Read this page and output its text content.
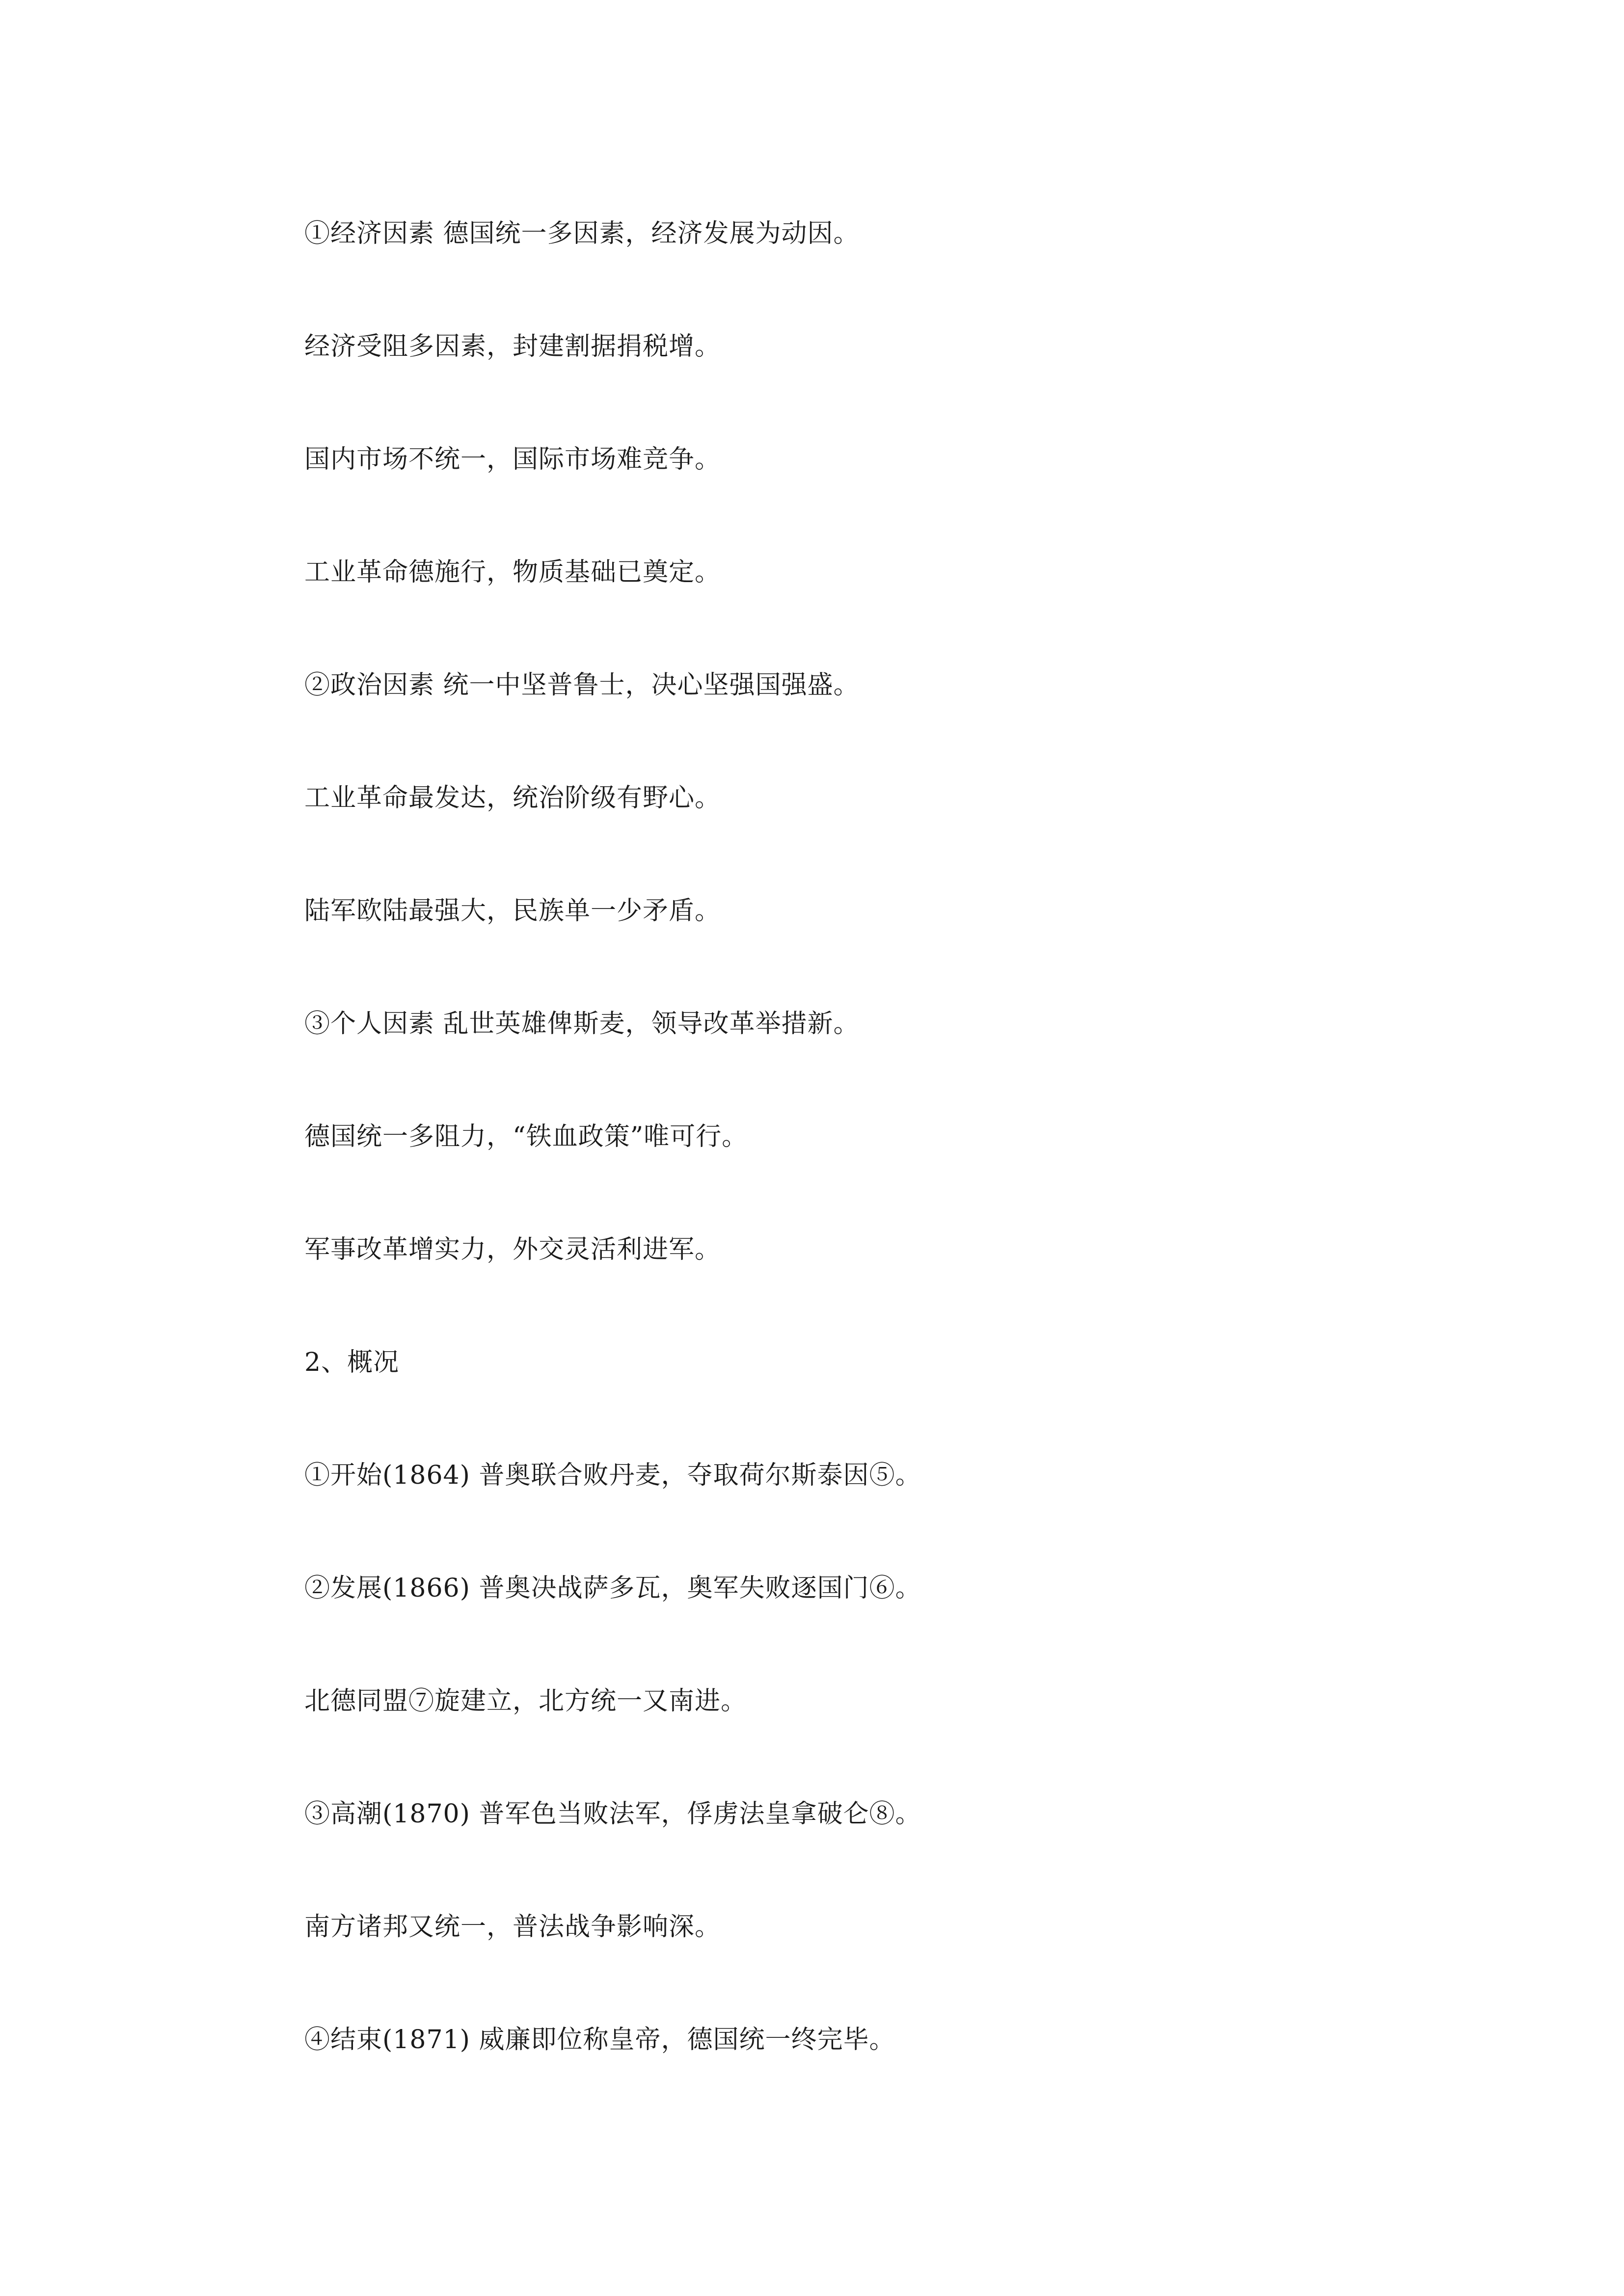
①经济因素 德国统一多因素，经济发展为动因。
经济受阻多因素，封建割据捐税增。
国内市场不统一，国际市场难竞争。
工业革命德施行，物质基础已奠定。
②政治因素 统一中坚普鲁士，决心坚强国强盛。
工业革命最发达，统治阶级有野心。
陆军欧陆最强大，民族单一少矛盾。
③个人因素 乱世英雄俾斯麦，领导改革举措新。
德国统一多阻力，“铁血政策”唯可行。
军事改革增实力，外交灵活利进军。
2、概况
①开始(1864) 普奥联合败丹麦，夺取荷尔斯泰因⑤。
②发展(1866) 普奥决战萨多瓦，奥军失败逐国门⑥。
北德同盟⑦旋建立，北方统一又南进。
③高潮(1870) 普军色当败法军，俘虏法皇拿破仑⑧。
南方诸邦又统一，普法战争影响深。
④结束(1871) 威廉即位称皇帝，德国统一终完毕。
